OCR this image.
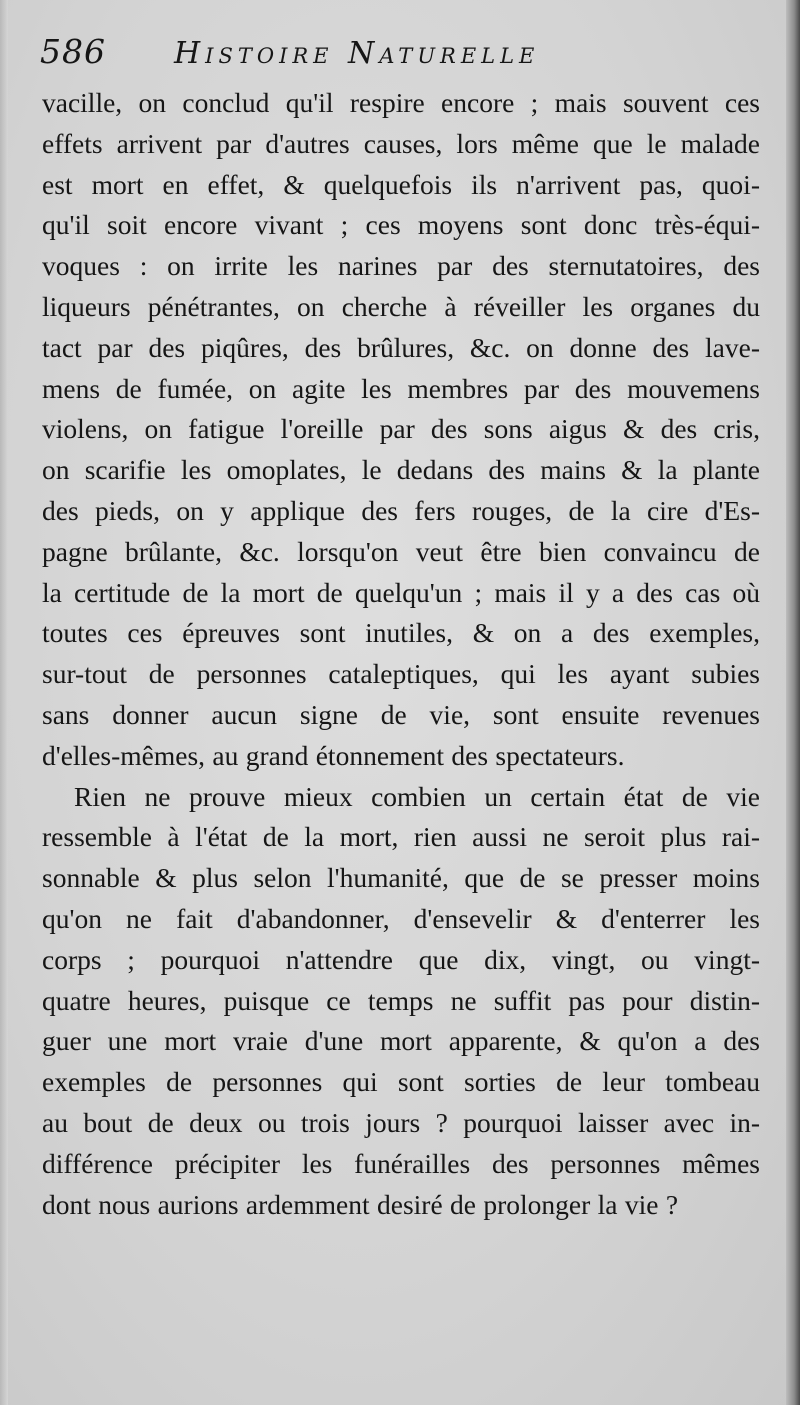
586 Histoire Naturelle
vacille, on conclud qu'il respire encore ; mais souvent ces
effets arrivent par d'autres causes, lors même que le malade
est mort en effet, & quelquefois ils n'arrivent pas, quoi-
qu'il soit encore vivant ; ces moyens sont donc très-équi-
voques : on irrite les narines par des sternutatoires, des
liqueurs pénétrantes, on cherche à réveiller les organes du
tact par des piqûres, des brûlures, &c. on donne des lave-
mens de fumée, on agite les membres par des mouvemens
violens, on fatigue l'oreille par des sons aigus & des cris,
on scarifie les omoplates, le dedans des mains & la plante
des pieds, on y applique des fers rouges, de la cire d'Es-
pagne brûlante, &c. lorsqu'on veut être bien convaincu de
la certitude de la mort de quelqu'un ; mais il y a des cas où
toutes ces épreuves sont inutiles, & on a des exemples,
sur-tout de personnes cataleptiques, qui les ayant subies
sans donner aucun signe de vie, sont ensuite revenues
d'elles-mêmes, au grand étonnement des spectateurs.
Rien ne prouve mieux combien un certain état de vie
ressemble à l'état de la mort, rien aussi ne seroit plus rai-
sonnable & plus selon l'humanité, que de se presser moins
qu'on ne fait d'abandonner, d'ensevelir & d'enterrer les
corps ; pourquoi n'attendre que dix, vingt, ou vingt-
quatre heures, puisque ce temps ne suffit pas pour distin-
guer une mort vraie d'une mort apparente, & qu'on a des
exemples de personnes qui sont sorties de leur tombeau
au bout de deux ou trois jours ? pourquoi laisser avec in-
différence précipiter les funérailles des personnes mêmes
dont nous aurions ardemment desiré de prolonger la vie ?
